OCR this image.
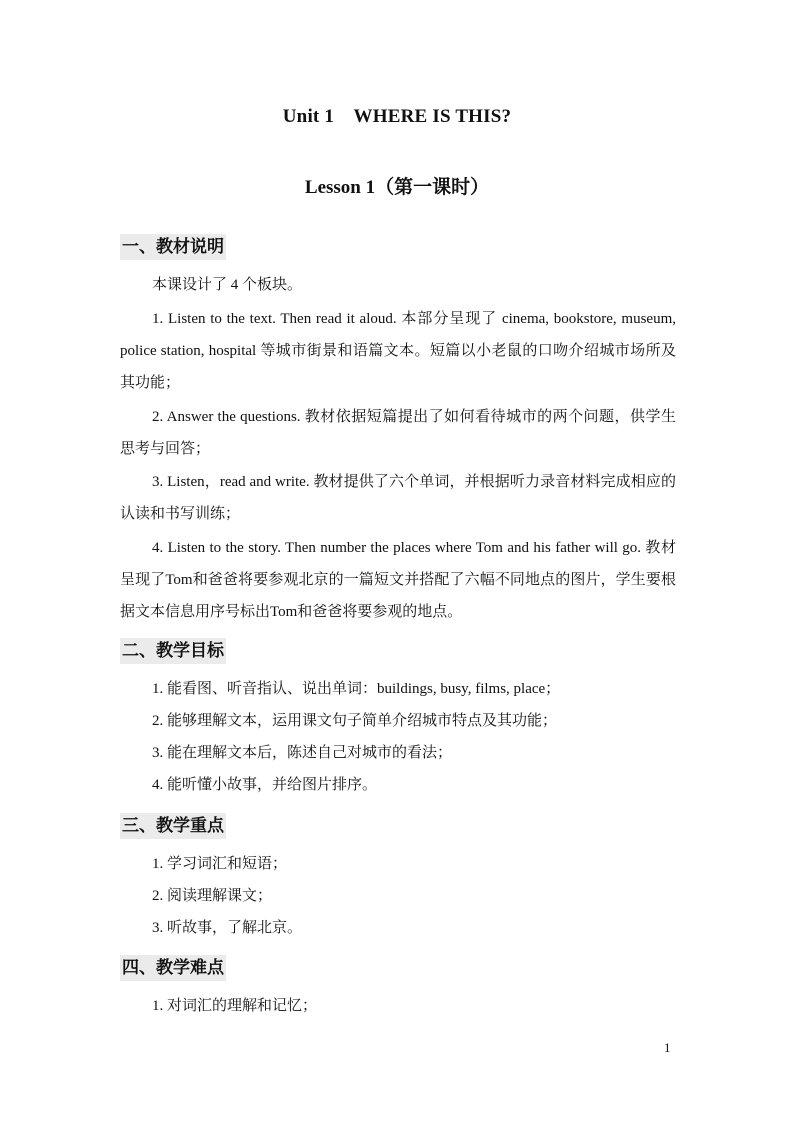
Unit 1    WHERE IS THIS?
Lesson 1（第一课时）
一、教材说明
本课设计了 4 个板块。
1. Listen to the text. Then read it aloud. 本部分呈现了 cinema, bookstore, museum, police station, hospital 等城市街景和语篇文本。短篇以小老鼠的口吻介绍城市场所及其功能；
2. Answer the questions. 教材依据短篇提出了如何看待城市的两个问题，供学生思考与回答；
3. Listen，read and write. 教材提供了六个单词，并根据听力录音材料完成相应的认读和书写训练；
4. Listen to the story. Then number the places where Tom and his father will go. 教材呈现了Tom和爸爸将要参观北京的一篇短文并搭配了六幅不同地点的图片，学生要根据文本信息用序号标出Tom和爸爸将要参观的地点。
二、教学目标
1. 能看图、听音指认、说出单词：buildings, busy, films, place；
2. 能够理解文本，运用课文句子简单介绍城市特点及其功能；
3. 能在理解文本后，陈述自己对城市的看法；
4. 能听懂小故事，并给图片排序。
三、教学重点
1. 学习词汇和短语；
2. 阅读理解课文；
3. 听故事，了解北京。
四、教学难点
1. 对词汇的理解和记忆；
1
